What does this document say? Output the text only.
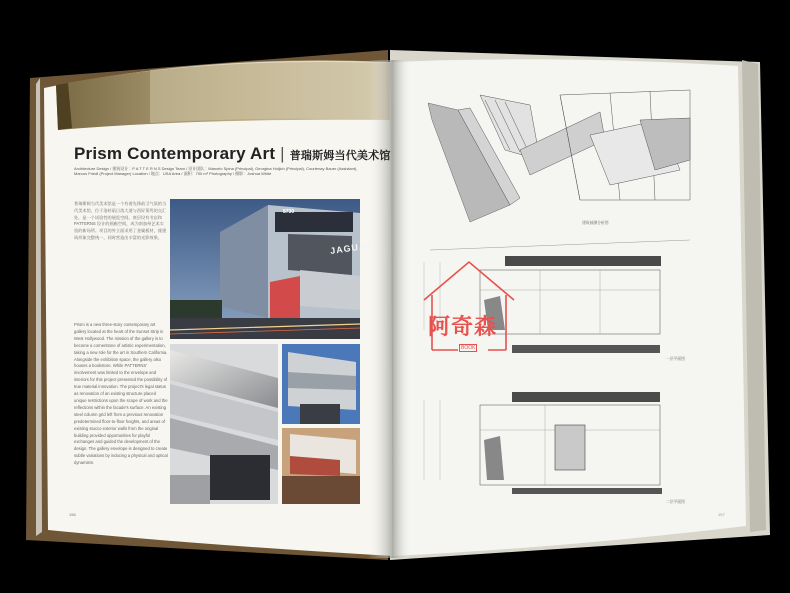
Prism Contemporary Art | 普瑞斯姆当代美术馆
Architecture Design / 建筑设计：P A T T E R N S Design Team / 设计团队：Marcelo Spina (Principal), Georgina Huljich (Principal), Courtenay Bauer (Assistant), Marcus Friedl (Project Manager) Location / 地点：USA Area / 面积：700 m² Photography / 摄影：Joshua White
普瑞斯姆当代美术馆是一个有着先锋前卫气质的当代美术馆，位于洛杉矶日落大道与西好莱坞的交汇处，是一个试验性的展览空间。底层设有书店和 PATTERNS 设计的画廊空间，成为南加州艺术实验的新场所。项目的外立面采用了金属板材，使建筑形象完整统一，同时营造出丰富的光影效果。
Prism is a new three-story contemporary art gallery located at the heart of the Sunset Strip in West Hollywood. The mission of the gallery is to become a cornerstone of artistic experimentation, taking a new role for the art in Southern California. Alongside the exhibition space, the gallery also houses a bookstore. While PATTERNS' involvement was limited to the envelope and interiors for this project presented the possibility of true material innovation. The project's legal status as renovation of an existing structure placed unique restrictions upon the scope of work and the reflections within the facade's surface. An existing steel column grid left from a previous renovation predetermined floor-to-floor heights, and areas of existing stucco exterior walls from the original building provided opportunities for playful exchanges and guided the development of the design. The gallery envelope is designed to create subtle variations by inducing a physical and optical dynamism.
156
8730
JAGUAR
建筑轴测分析图
一层平面图
二层平面图
157
阿奇森
BOOK
